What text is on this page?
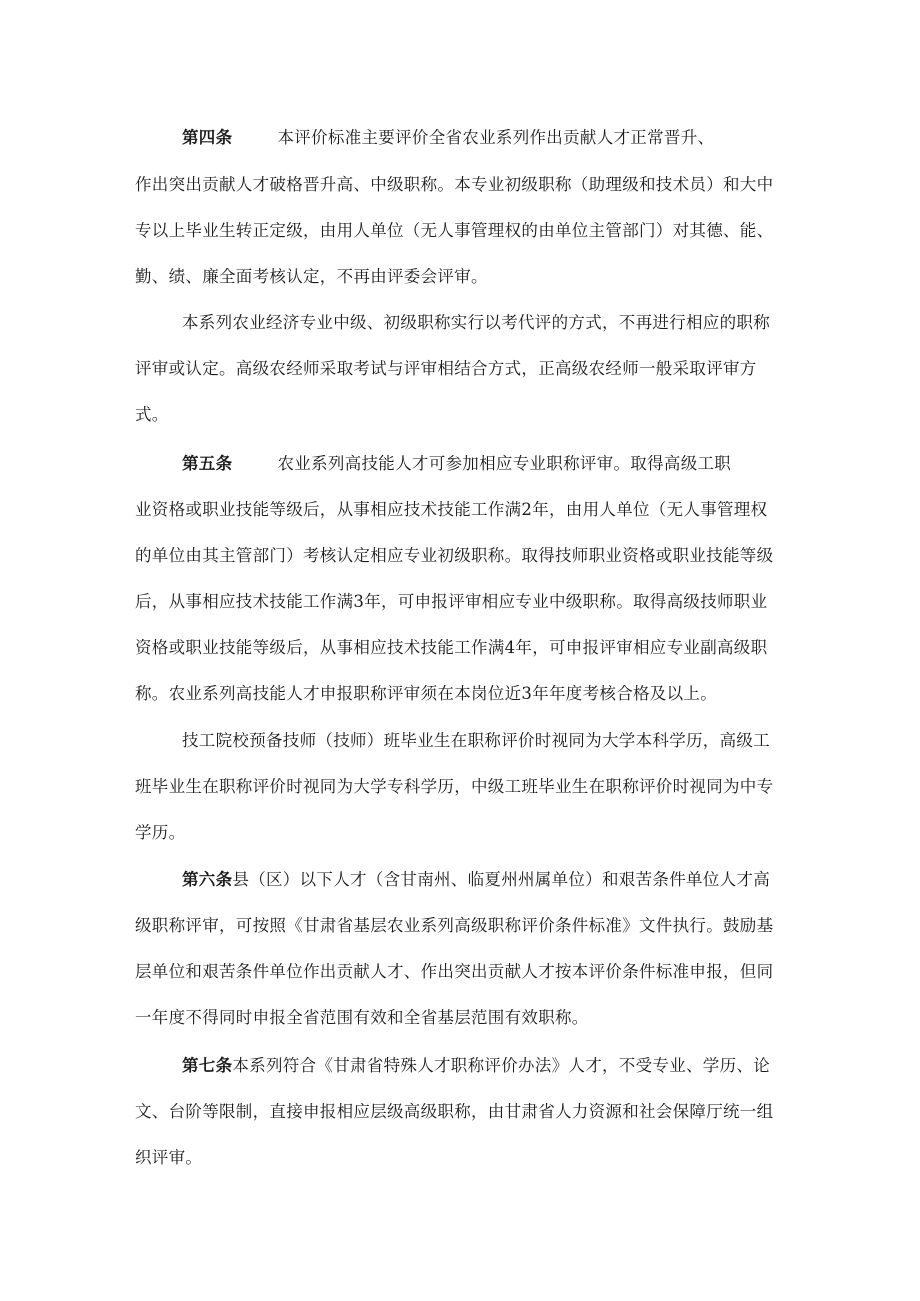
第四条	本评价标准主要评价全省农业系列作出贡献人才正常晋升、
作出突出贡献人才破格晋升高、中级职称。本专业初级职称（助理级和技术员）和大中
专以上毕业生转正定级，由用人单位（无人事管理权的由单位主管部门）对其德、能、
勤、绩、廉全面考核认定，不再由评委会评审。
本系列农业经济专业中级、初级职称实行以考代评的方式，不再进行相应的职称
评审或认定。高级农经师采取考试与评审相结合方式，正高级农经师一般采取评审方
式。
第五条	农业系列高技能人才可参加相应专业职称评审。取得高级工职
业资格或职业技能等级后，从事相应技术技能工作满2年，由用人单位（无人事管理权
的单位由其主管部门）考核认定相应专业初级职称。取得技师职业资格或职业技能等级
后，从事相应技术技能工作满3年，可申报评审相应专业中级职称。取得高级技师职业
资格或职业技能等级后，从事相应技术技能工作满4年，可申报评审相应专业副高级职
称。农业系列高技能人才申报职称评审须在本岗位近3年年度考核合格及以上。
技工院校预备技师（技师）班毕业生在职称评价时视同为大学本科学历，高级工
班毕业生在职称评价时视同为大学专科学历，中级工班毕业生在职称评价时视同为中专
学历。
第六条县（区）以下人才（含甘南州、临夏州州属单位）和艰苦条件单位人才高
级职称评审，可按照《甘肃省基层农业系列高级职称评价条件标准》文件执行。鼓励基
层单位和艰苦条件单位作出贡献人才、作出突出贡献人才按本评价条件标准申报，但同
一年度不得同时申报全省范围有效和全省基层范围有效职称。
第七条本系列符合《甘肃省特殊人才职称评价办法》人才，不受专业、学历、论
文、台阶等限制，直接申报相应层级高级职称，由甘肃省人力资源和社会保障厅统一组
织评审。
